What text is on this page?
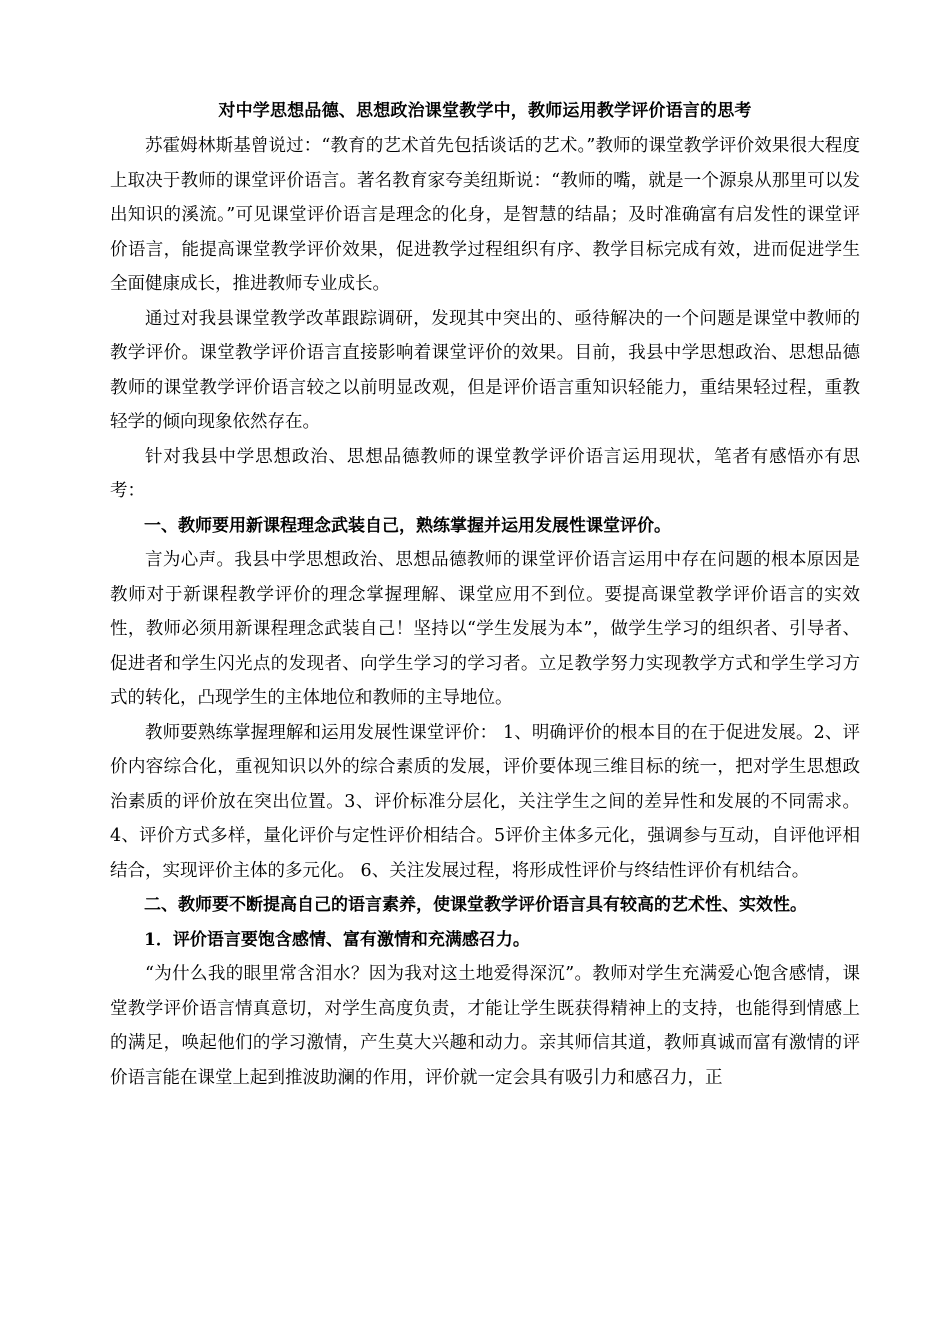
对中学思想品德、思想政治课堂教学中，教师运用教学评价语言的思考

苏霍姆林斯基曾说过：“教育的艺术首先包括谈话的艺术。”教师的课堂教学评价效果很大程度上取决于教师的课堂评价语言。著名教育家夸美纽斯说：“教师的嘴，就是一个源泉从那里可以发出知识的溪流。”可见课堂评价语言是理念的化身，是智慧的结晶；及时准确富有启发性的课堂评价语言，能提高课堂教学评价效果，促进教学过程组织有序、教学目标完成有效，进而促进学生全面健康成长，推进教师专业成长。

通过对我县课堂教学改革跟踪调研，发现其中突出的、亟待解决的一个问题是课堂中教师的教学评价。课堂教学评价语言直接影响着课堂评价的效果。目前，我县中学思想政治、思想品德教师的课堂教学评价语言较之以前明显改观，但是评价语言重知识轻能力，重结果轻过程，重教轻学的倾向现象依然存在。

针对我县中学思想政治、思想品德教师的课堂教学评价语言运用现状，笔者有感悟亦有思考：

一、教师要用新课程理念武装自己，熟练掌握并运用发展性课堂评价。

言为心声。我县中学思想政治、思想品德教师的课堂评价语言运用中存在问题的根本原因是教师对于新课程教学评价的理念掌握理解、课堂应用不到位。要提高课堂教学评价语言的实效性，教师必须用新课程理念武装自己！坚持以“学生发展为本”，做学生学习的组织者、引导者、促进者和学生闪光点的发现者、向学生学习的学习者。立足教学努力实现教学方式和学生学习方式的转化，凸现学生的主体地位和教师的主导地位。

教师要熟练掌握理解和运用发展性课堂评价： 1、明确评价的根本目的在于促进发展。2、评价内容综合化，重视知识以外的综合素质的发展，评价要体现三维目标的统一，把对学生思想政治素质的评价放在突出位置。3、评价标准分层化，关注学生之间的差异性和发展的不同需求。4、评价方式多样，量化评价与定性评价相结合。5评价主体多元化，强调参与互动，自评他评相结合，实现评价主体的多元化。 6、关注发展过程，将形成性评价与终结性评价有机结合。

二、教师要不断提高自己的语言素养，使课堂教学评价语言具有较高的艺术性、实效性。

1．评价语言要饱含感情、富有激情和充满感召力。

“为什么我的眼里常含泪水？因为我对这土地爱得深沉”。教师对学生充满爱心饱含感情，课堂教学评价语言情真意切，对学生高度负责，才能让学生既获得精神上的支持，也能得到情感上的满足，唤起他们的学习激情，产生莫大兴趣和动力。亲其师信其道，教师真诚而富有激情的评价语言能在课堂上起到推波助澜的作用，评价就一定会具有吸引力和感召力，正
